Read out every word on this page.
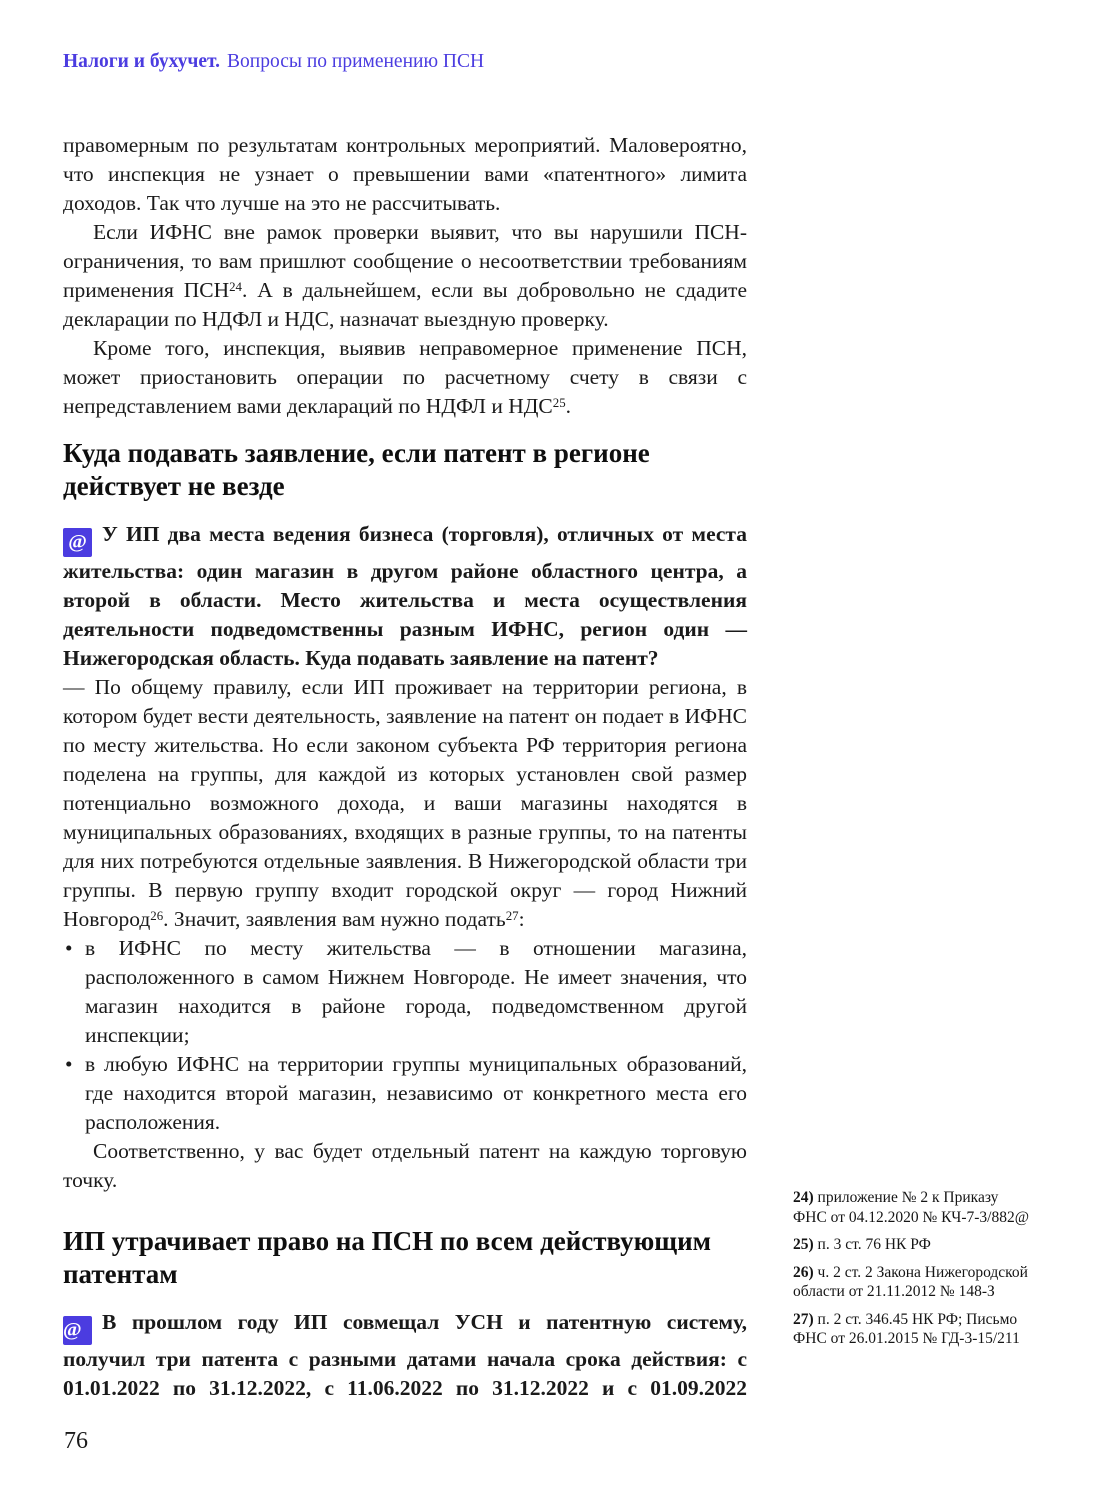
Налоги и бухучет. Вопросы по применению ПСН

правомерным по результатам контрольных мероприятий. Маловероятно, что инспекция не узнает о превышении вами «патентного» лимита доходов. Так что лучше на это не рассчитывать.

Если ИФНС вне рамок проверки выявит, что вы нарушили ПСН-ограничения, то вам пришлют сообщение о несоответствии требованиям применения ПСН$^{24}$. А в дальнейшем, если вы добровольно не сдадите декларации по НДФЛ и НДС, назначат выездную проверку.

Кроме того, инспекция, выявив неправомерное применение ПСН, может приостановить операции по расчетному счету в связи с непредставлением вами деклараций по НДФЛ и НДС$^{25}$.

Куда подавать заявление, если патент в регионе действует не везде

@ У ИП два места ведения бизнеса (торговля), отличных от места жительства: один магазин в другом районе областного центра, а второй в области. Место жительства и места осуществления деятельности подведомственны разным ИФНС, регион один — Нижегородская область. Куда подавать заявление на патент?

— По общему правилу, если ИП проживает на территории региона, в котором будет вести деятельность, заявление на патент он подает в ИФНС по месту жительства. Но если законом субъекта РФ территория региона поделена на группы, для каждой из которых установлен свой размер потенциально возможного дохода, и ваши магазины находятся в муниципальных образованиях, входящих в разные группы, то на патенты для них потребуются отдельные заявления. В Нижегородской области три группы. В первую группу входит городской округ — город Нижний Новгород$^{26}$. Значит, заявления вам нужно подать$^{27}$:

• в ИФНС по месту жительства — в отношении магазина, расположенного в самом Нижнем Новгороде. Не имеет значения, что магазин находится в районе города, подведомственном другой инспекции;
• в любую ИФНС на территории группы муниципальных образований, где находится второй магазин, независимо от конкретного места его расположения.

Соответственно, у вас будет отдельный патент на каждую торговую точку.

ИП утрачивает право на ПСН по всем действующим патентам

@ В прошлом году ИП совмещал УСН и патентную систему, получил три патента с разными датами начала срока действия: с 01.01.2022 по 31.12.2022, с 11.06.2022 по 31.12.2022 и с 01.09.2022

24) приложение № 2 к Приказу ФНС от 04.12.2020 № КЧ-7-3/882@

25) п. 3 ст. 76 НК РФ

26) ч. 2 ст. 2 Закона Нижегородской области от 21.11.2012 № 148-З

27) п. 2 ст. 346.45 НК РФ; Письмо ФНС от 26.01.2015 № ГД-3-15/211

76
